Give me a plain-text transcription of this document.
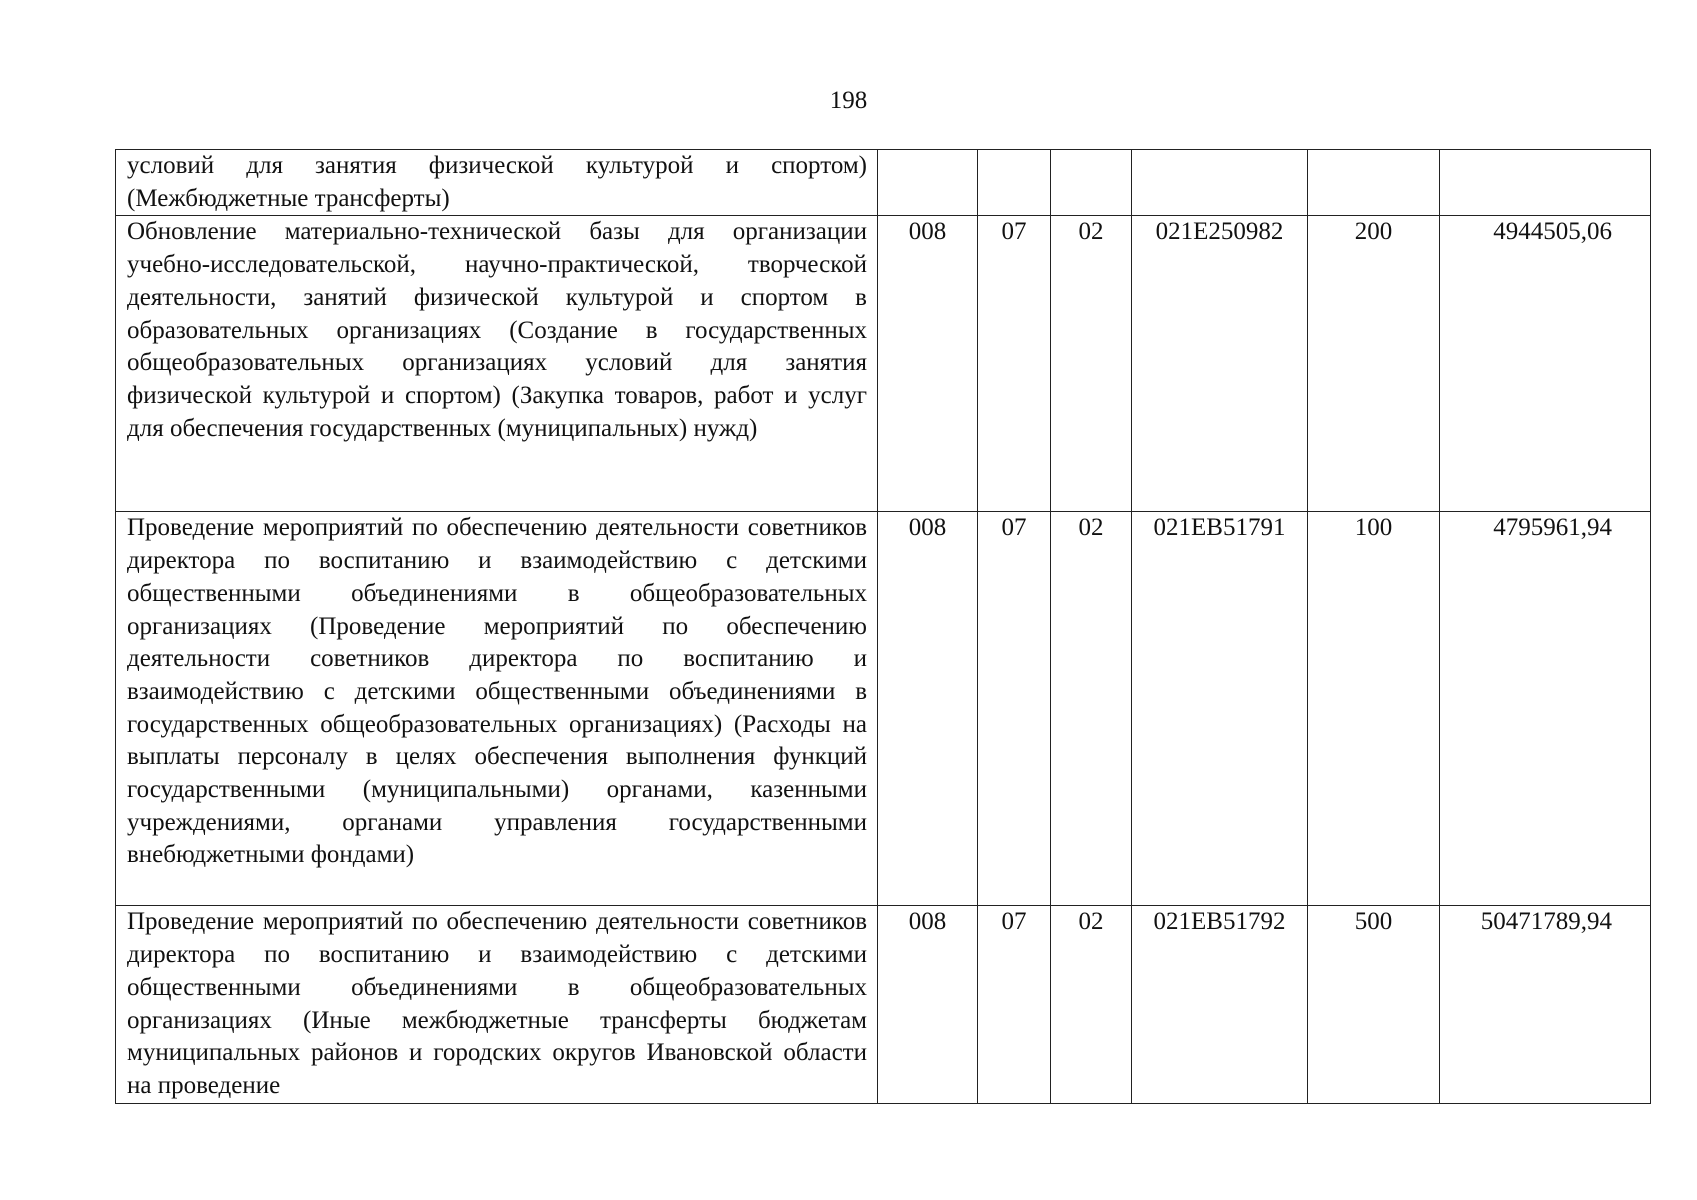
198
условий для занятия физической культурой и спортом) (Межбюджетные трансферты)						
Обновление материально-технической базы для организации учебно-исследовательской, научно-практической, творческой деятельности, занятий физической культурой и спортом в образовательных организациях (Создание в государственных общеобразовательных организациях условий для занятия физической культурой и спортом) (Закупка товаров, работ и услуг для обеспечения государственных (муниципальных) нужд)	008	07	02	021E250982	200	4944505,06
Проведение мероприятий по обеспечению деятельности советников директора по воспитанию и взаимодействию с детскими общественными объединениями в общеобразовательных организациях (Проведение мероприятий по обеспечению деятельности советников директора по воспитанию и взаимодействию с детскими общественными объединениями в государственных общеобразовательных организациях) (Расходы на выплаты персоналу в целях обеспечения выполнения функций государственными (муниципальными) органами, казенными учреждениями, органами управления государственными внебюджетными фондами)	008	07	02	021ЕВ51791	100	4795961,94
Проведение мероприятий по обеспечению деятельности советников директора по воспитанию и взаимодействию с детскими общественными объединениями в общеобразовательных организациях (Иные межбюджетные трансферты бюджетам муниципальных районов и городских округов Ивановской области на проведение	008	07	02	021ЕВ51792	500	50471789,94
